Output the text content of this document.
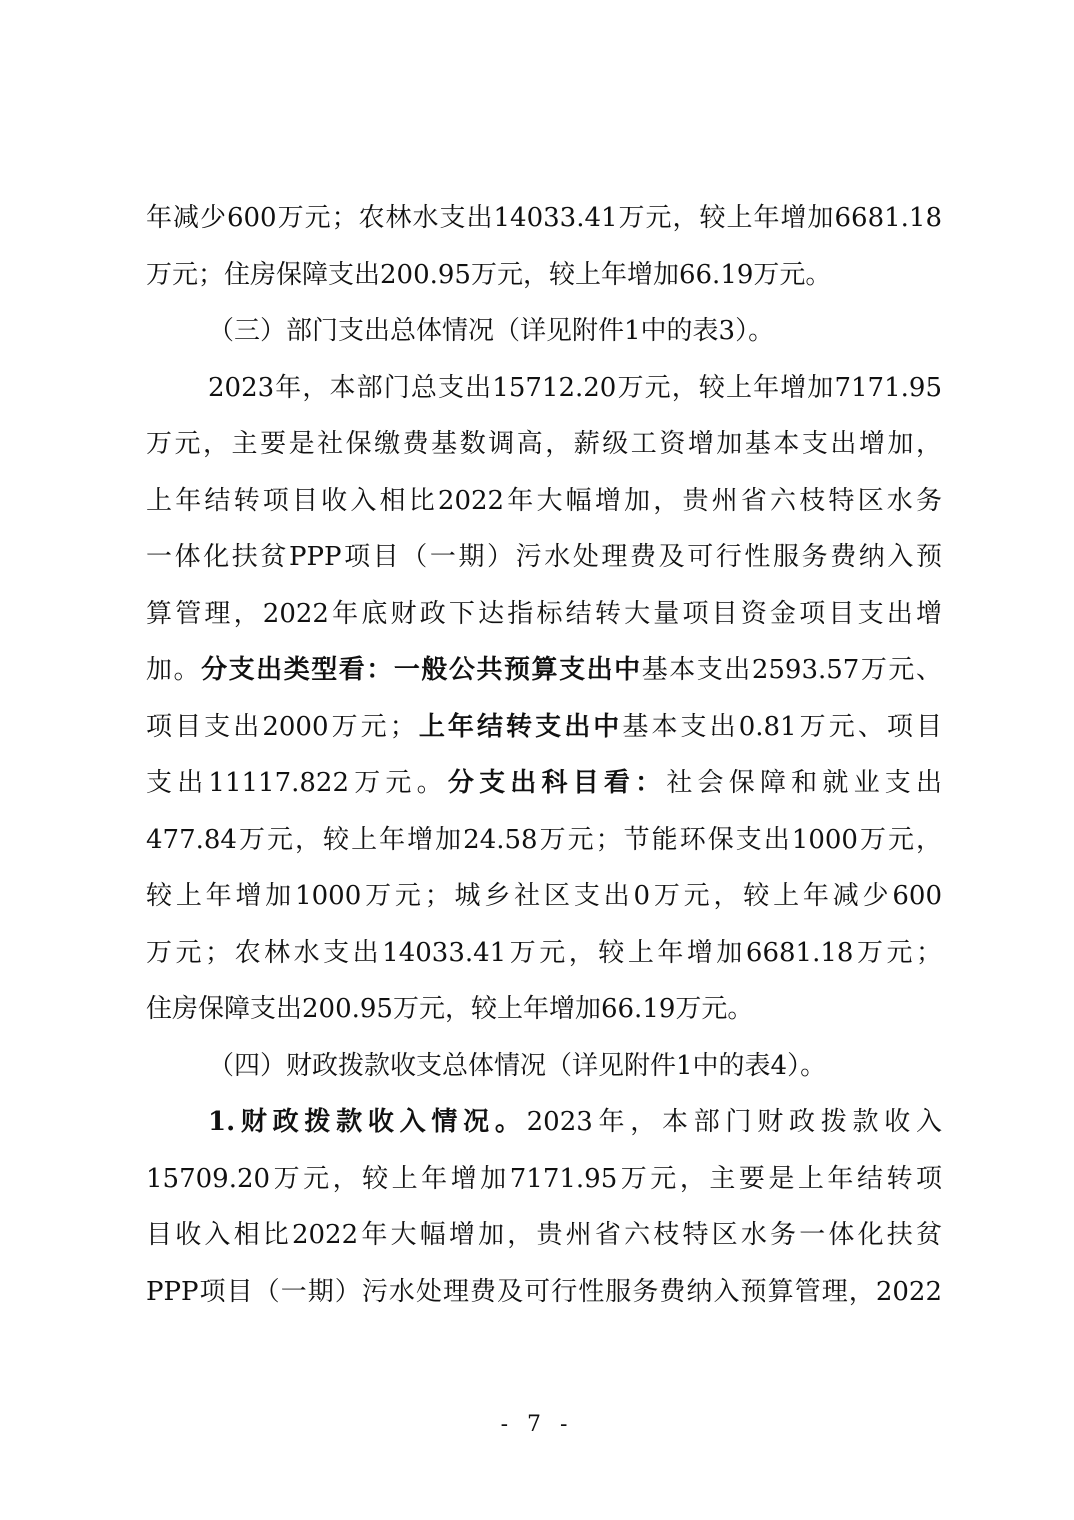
年减少600万元；农林水支出14033.41万元，较上年增加6681.18
万元；住房保障支出200.95万元，较上年增加66.19万元。
（三）部门支出总体情况（详见附件1中的表3）。
2023年，本部门总支出15712.20万元，较上年增加7171.95
万元，主要是社保缴费基数调高，薪级工资增加基本支出增加，
上年结转项目收入相比2022年大幅增加，贵州省六枝特区水务
一体化扶贫PPP项目（一期）污水处理费及可行性服务费纳入预
算管理，2022年底财政下达指标结转大量项目资金项目支出增
加。分支出类型看：一般公共预算支出中基本支出2593.57万元、
项目支出2000万元；上年结转支出中基本支出0.81万元、项目
支出11117.822万元。分支出科目看：社会保障和就业支出
477.84万元，较上年增加24.58万元；节能环保支出1000万元，
较上年增加1000万元；城乡社区支出0万元，较上年减少600
万元；农林水支出14033.41万元，较上年增加6681.18万元；
住房保障支出200.95万元，较上年增加66.19万元。
（四）财政拨款收支总体情况（详见附件1中的表4）。
1.财政拨款收入情况。2023年，本部门财政拨款收入
15709.20万元，较上年增加7171.95万元，主要是上年结转项
目收入相比2022年大幅增加，贵州省六枝特区水务一体化扶贫
PPP项目（一期）污水处理费及可行性服务费纳入预算管理，2022
- 7 -
